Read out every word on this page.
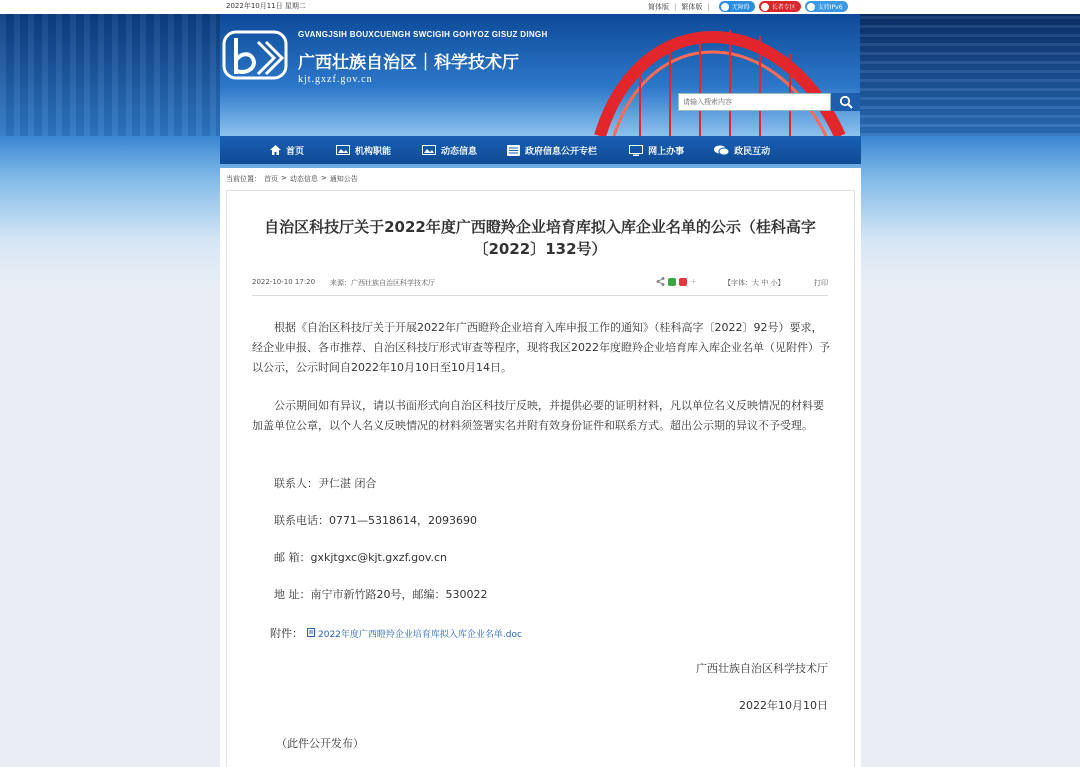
2022年10月11日 星期二	简体版 | 繁体版 |	无障碍	长者专区	支持IPv6
GVANGJSIH BOUXCUENGH SWCIGIH GOHYOZ GISUZ DINGH
广西壮族自治区｜科学技术厅
kjt.gxzf.gov.cn
请输入搜索内容
首页	机构职能	动态信息	政府信息公开专栏	网上办事	政民互动
当前位置： 首页 > 动态信息 > 通知公告
自治区科技厅关于2022年度广西瞪羚企业培育库拟入库企业名单的公示（桂科高字
〔2022〕132号）
2022-10-10 17:20 来源：广西壮族自治区科学技术厅	+	【字体：大 中 小】	打印
根据《自治区科技厅关于开展2022年广西瞪羚企业培育入库申报工作的通知》（桂科高字〔2022〕92号）要求，经企业申报、各市推荐、自治区科技厅形式审查等程序，现将我区2022年度瞪羚企业培育库入库企业名单（见附件）予以公示，公示时间自2022年10月10日至10月14日。
公示期间如有异议，请以书面形式向自治区科技厅反映，并提供必要的证明材料，凡以单位名义反映情况的材料要加盖单位公章，以个人名义反映情况的材料须签署实名并附有效身份证件和联系方式。超出公示期的异议不予受理。
联系人：尹仁湛 闭合
联系电话：0771—5318614，2093690
邮 箱：gxkjtgxc@kjt.gxzf.gov.cn
地 址：南宁市新竹路20号，邮编：530022
附件： 2022年度广西瞪羚企业培育库拟入库企业名单.doc
广西壮族自治区科学技术厅
2022年10月10日
（此件公开发布）
